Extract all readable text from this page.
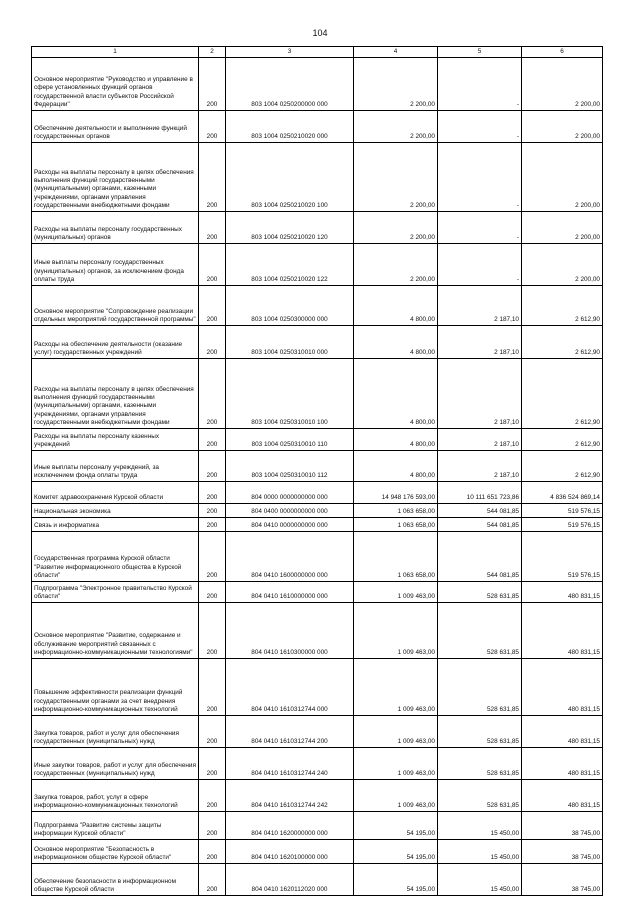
104
1	2	3	4	5	6
Основное мероприятие "Руководство и управление в сфере установленных функций органов государственной власти субъектов Российской Федерации"	200	803 1004 0250200000 000	2 200,00	-	2 200,00
Обеспечение деятельности и выполнение функций государственных органов	200	803 1004 0250210020 000	2 200,00	-	2 200,00
Расходы на выплаты персоналу в целях обеспечения выполнения функций государственными (муниципальными) органами, казенными учреждениями, органами управления государственными внебюджетными фондами	200	803 1004 0250210020 100	2 200,00	-	2 200,00
Расходы на выплаты персоналу государственных (муниципальных) органов	200	803 1004 0250210020 120	2 200,00	-	2 200,00
Иные выплаты персоналу государственных (муниципальных) органов, за исключением фонда оплаты труда	200	803 1004 0250210020 122	2 200,00	-	2 200,00
Основное мероприятие "Сопровождение реализации отдельных мероприятий государственной программы"	200	803 1004 0250300000 000	4 800,00	2 187,10	2 612,90
Расходы на обеспечение деятельности (оказание услуг) государственных учреждений	200	803 1004 0250310010 000	4 800,00	2 187,10	2 612,90
Расходы на выплаты персоналу в целях обеспечения выполнения функций государственными (муниципальными) органами, казенными учреждениями, органами управления государственными внебюджетными фондами	200	803 1004 0250310010 100	4 800,00	2 187,10	2 612,90
Расходы на выплаты персоналу казенных учреждений	200	803 1004 0250310010 110	4 800,00	2 187,10	2 612,90
Иные выплаты персоналу учреждений, за исключением фонда оплаты труда	200	803 1004 0250310010 112	4 800,00	2 187,10	2 612,90
Комитет здравоохранения Курской области	200	804 0000 0000000000 000	14 948 176 593,00	10 111 651 723,86	4 836 524 869,14
Национальная экономика	200	804 0400 0000000000 000	1 063 658,00	544 081,85	519 576,15
Связь и информатика	200	804 0410 0000000000 000	1 063 658,00	544 081,85	519 576,15
Государственная программа Курской области "Развитие информационного общества в Курской области"	200	804 0410 1600000000 000	1 063 658,00	544 081,85	519 576,15
Подпрограмма "Электронное правительство Курской области"	200	804 0410 1610000000 000	1 009 463,00	528 631,85	480 831,15
Основное мероприятие "Развитие, содержание и обслуживание мероприятий связанных с информационно-коммуникационными технологиями"	200	804 0410 1610300000 000	1 009 463,00	528 631,85	480 831,15
Повышение эффективности реализации функций государственными органами за счет внедрения информационно-коммуникационных технологий	200	804 0410 1610312744 000	1 009 463,00	528 631,85	480 831,15
Закупка товаров, работ и услуг для обеспечения государственных (муниципальных) нужд	200	804 0410 1610312744 200	1 009 463,00	528 631,85	480 831,15
Иные закупки товаров, работ и услуг для обеспечения государственных (муниципальных) нужд	200	804 0410 1610312744 240	1 009 463,00	528 631,85	480 831,15
Закупка товаров, работ, услуг в сфере информационно-коммуникационных технологий	200	804 0410 1610312744 242	1 009 463,00	528 631,85	480 831,15
Подпрограмма "Развитие системы защиты информации Курской области"	200	804 0410 1620000000 000	54 195,00	15 450,00	38 745,00
Основное мероприятие "Безопасность в информационном обществе Курской области"	200	804 0410 1620100000 000	54 195,00	15 450,00	38 745,00
Обеспечение безопасности в информационном обществе Курской области	200	804 0410 1620112020 000	54 195,00	15 450,00	38 745,00
